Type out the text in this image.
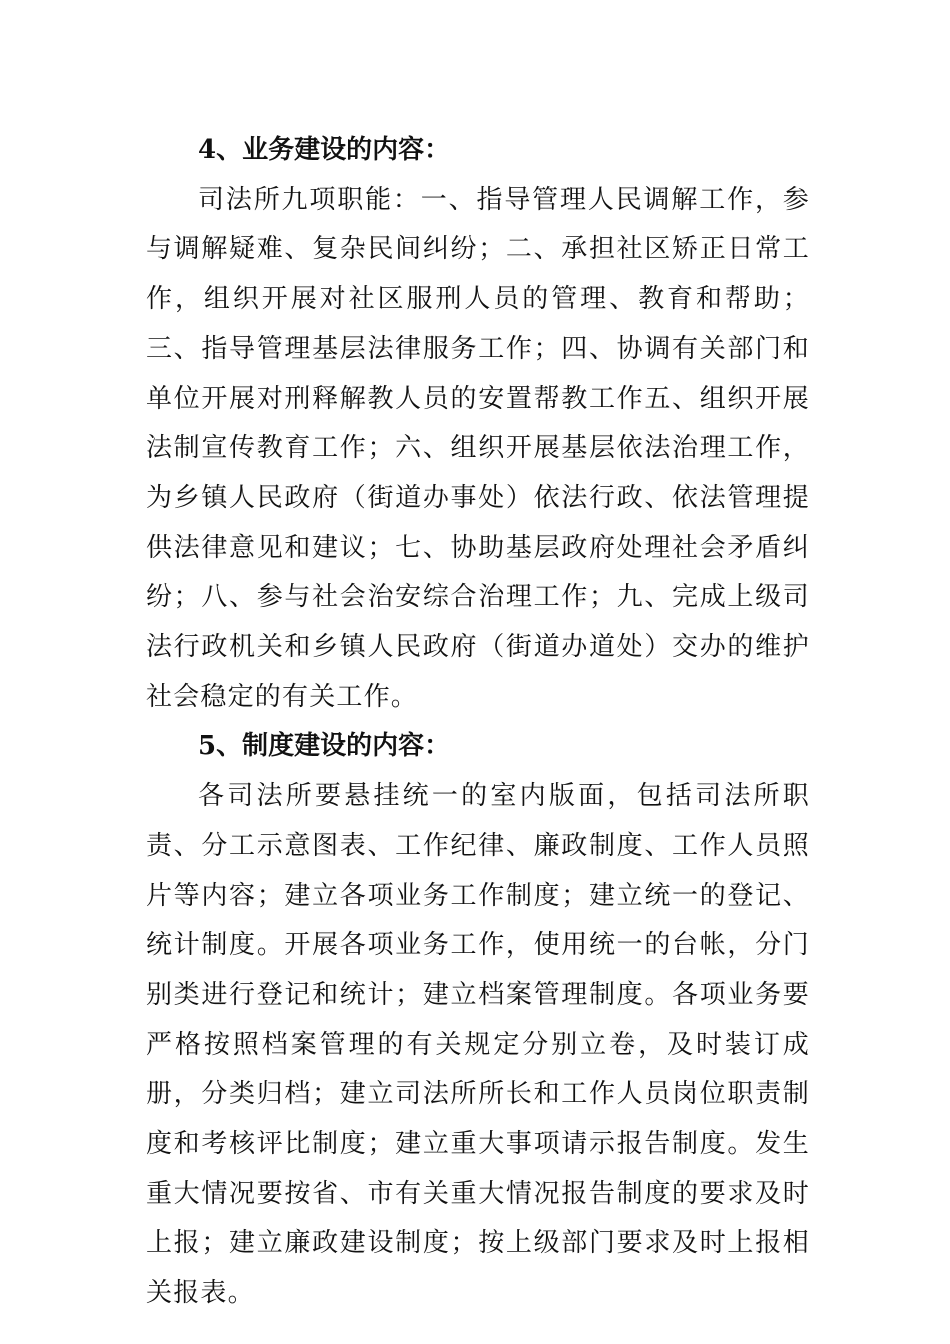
4、业务建设的内容：

司法所九项职能：一、指导管理人民调解工作，参与调解疑难、复杂民间纠纷；二、承担社区矫正日常工作，组织开展对社区服刑人员的管理、教育和帮助；三、指导管理基层法律服务工作；四、协调有关部门和单位开展对刑释解教人员的安置帮教工作五、组织开展法制宣传教育工作；六、组织开展基层依法治理工作，为乡镇人民政府（街道办事处）依法行政、依法管理提供法律意见和建议；七、协助基层政府处理社会矛盾纠纷；八、参与社会治安综合治理工作；九、完成上级司法行政机关和乡镇人民政府（街道办道处）交办的维护社会稳定的有关工作。

5、制度建设的内容：

各司法所要悬挂统一的室内版面，包括司法所职责、分工示意图表、工作纪律、廉政制度、工作人员照片等内容；建立各项业务工作制度；建立统一的登记、统计制度。开展各项业务工作，使用统一的台帐，分门别类进行登记和统计；建立档案管理制度。各项业务要严格按照档案管理的有关规定分别立卷，及时装订成册，分类归档；建立司法所所长和工作人员岗位职责制度和考核评比制度；建立重大事项请示报告制度。发生重大情况要按省、市有关重大情况报告制度的要求及时上报；建立廉政建设制度；按上级部门要求及时上报相关报表。
